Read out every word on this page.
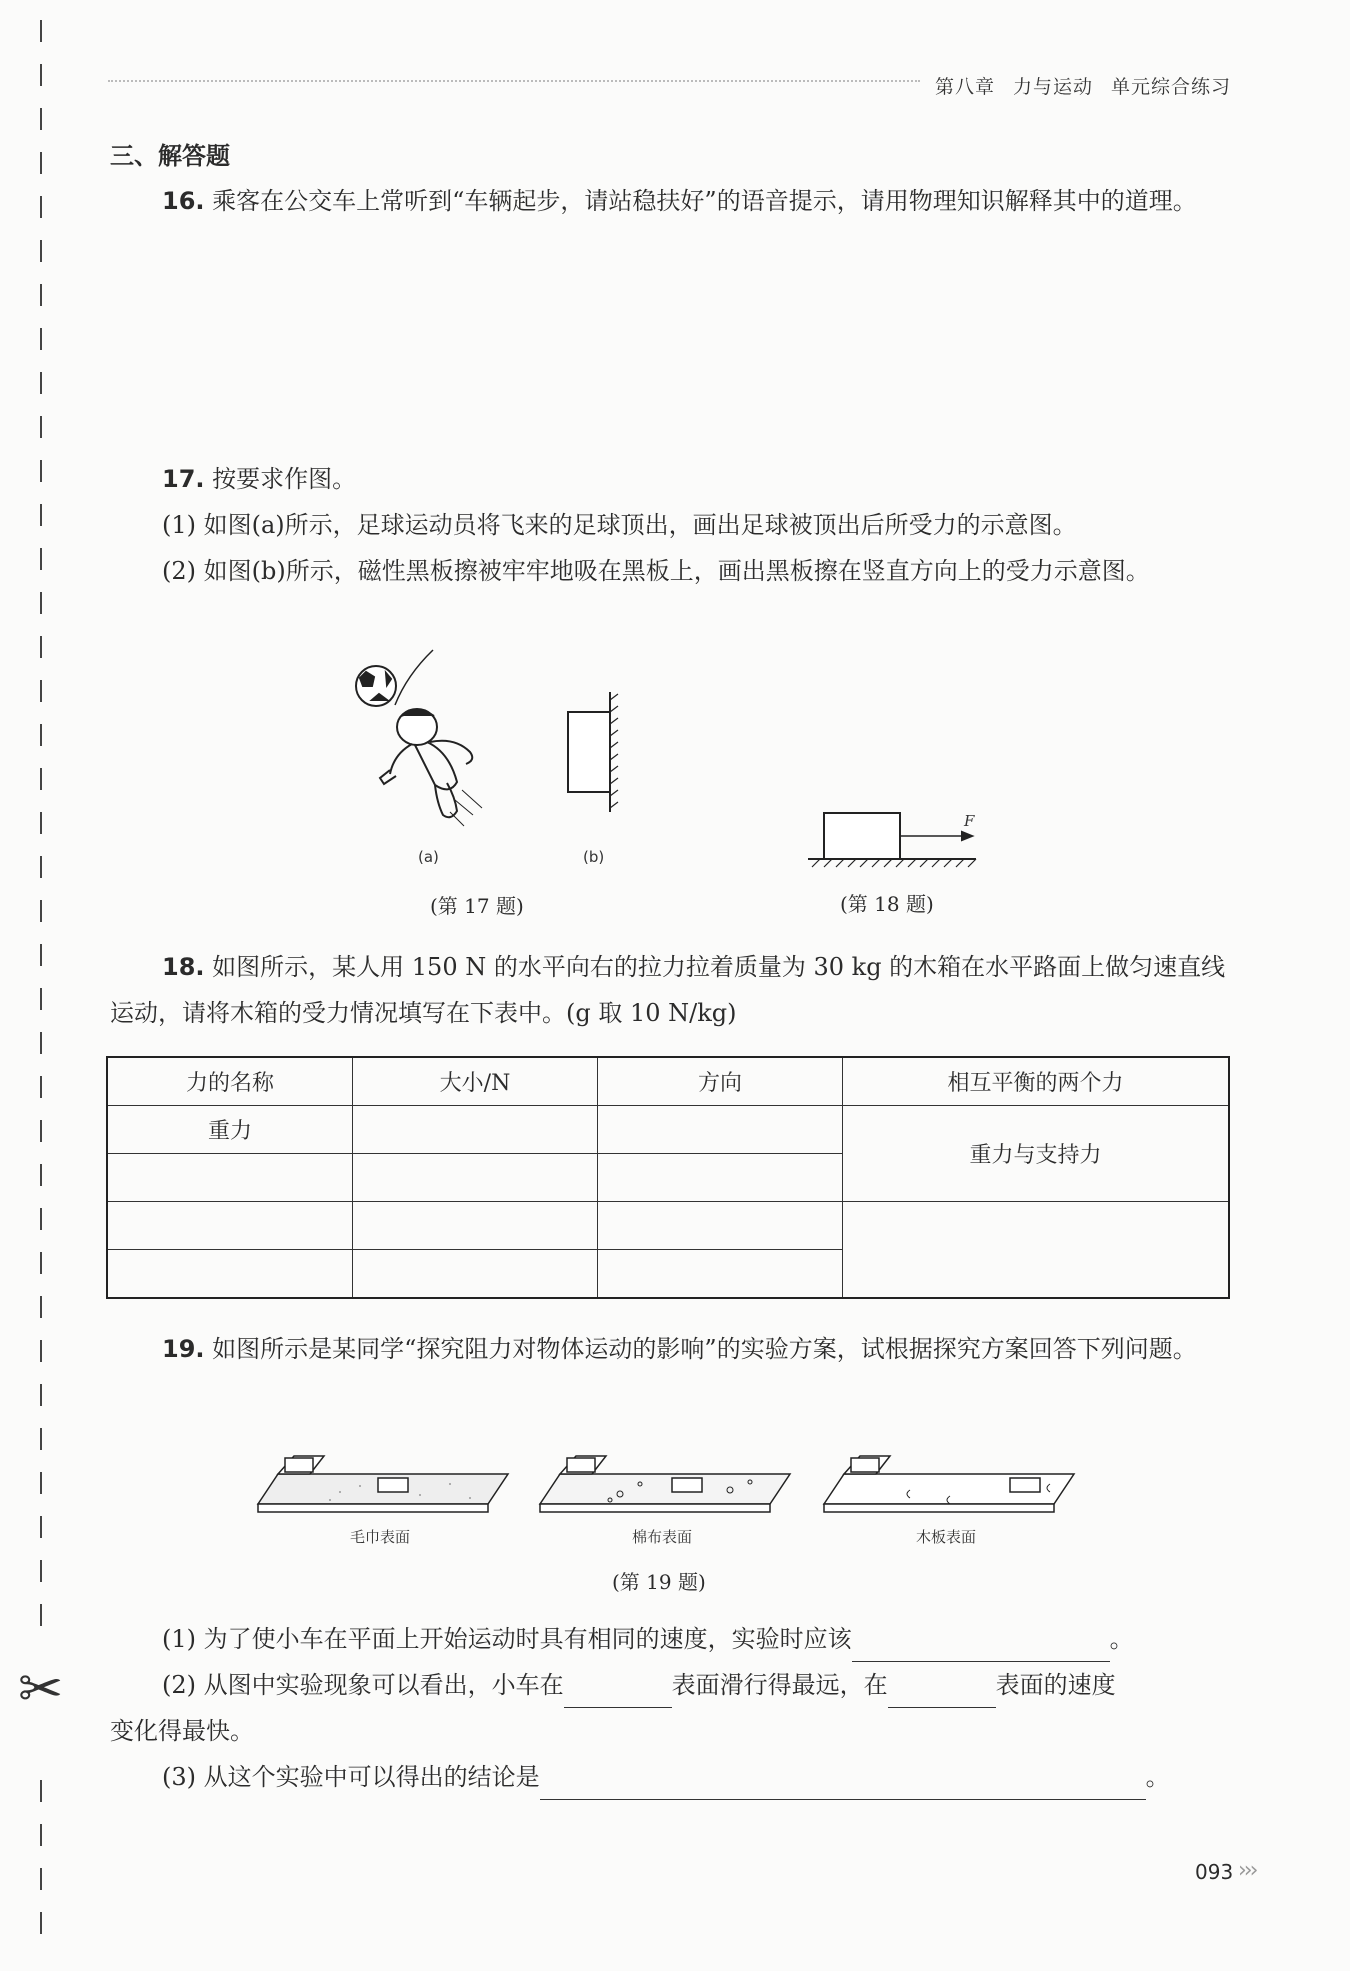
✂
第八章 力与运动 单元综合练习
三、解答题
16. 乘客在公交车上常听到“车辆起步，请站稳扶好”的语音提示，请用物理知识解释其中的道理。
17. 按要求作图。
(1) 如图(a)所示，足球运动员将飞来的足球顶出，画出足球被顶出后所受力的示意图。
(2) 如图(b)所示，磁性黑板擦被牢牢地吸在黑板上，画出黑板擦在竖直方向上的受力示意图。
(a)	(b)
F
(第 17 题)	(第 18 题)
18. 如图所示，某人用 150 N 的水平向右的拉力拉着质量为 30 kg 的木箱在水平路面上做匀速直线运动，请将木箱的受力情况填写在下表中。(g 取 10 N/kg)
力的名称	大小/N	方向	相互平衡的两个力
重力			重力与支持力

19. 如图所示是某同学“探究阻力对物体运动的影响”的实验方案，试根据探究方案回答下列问题。
毛巾表面	棉布表面	木板表面
(第 19 题)
(1) 为了使小车在平面上开始运动时具有相同的速度，实验时应该	。
(2) 从图中实验现象可以看出，小车在	表面滑行得最远，在	表面的速度
变化得最快。
(3) 从这个实验中可以得出的结论是	。
093 ›››
